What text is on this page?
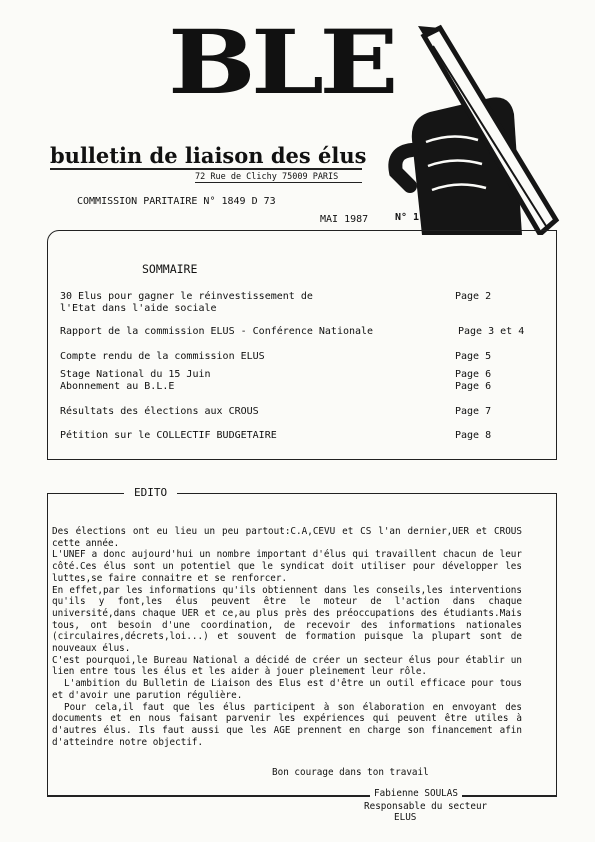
BLE
bulletin de liaison des élus
72 Rue de Clichy 75009 PARIS
COMMISSION PARITAIRE N° 1849 D 73
MAI 1987	N° 1
SOMMAIRE
30 Elus pour gagner le réinvestissement de
l'Etat dans l'aide sociale
Page 2
Rapport de la commission ELUS - Conférence Nationale	Page 3 et 4
Compte rendu de la commission ELUS	Page 5
Stage National du 15 Juin	Page 6
Abonnement au B.L.E	Page 6
Résultats des élections aux CROUS	Page 7
Pétition sur le COLLECTIF BUDGETAIRE	Page 8
EDITO

Des élections ont eu lieu un peu partout:C.A,CEVU et CS l'an dernier,UER et CROUS cette année.

L'UNEF a donc aujourd'hui un nombre important d'élus qui travaillent chacun de leur côté.Ces élus sont un potentiel que le syndicat doit utiliser pour développer les luttes,se faire connaitre et se renforcer.

En effet,par les informations qu'ils obtiennent dans les conseils,les interventions qu'ils y font,les élus peuvent être le moteur de l'action dans chaque université,dans chaque UER et ce,au plus près des préoccupations des étudiants.Mais tous, ont besoin d'une coordination, de recevoir des informations nationales (circulaires,décrets,loi...) et souvent de formation puisque la plupart sont de nouveaux élus.

C'est pourquoi,le Bureau National a décidé de créer un secteur élus pour établir un lien entre tous les élus et les aider à jouer pleinement leur rôle.

L'ambition du Bulletin de Liaison des Elus est d'être un outil efficace pour tous et d'avoir une parution régulière.

Pour cela,il faut que les élus participent à son élaboration en envoyant des documents et en nous faisant parvenir les expériences qui peuvent être utiles à d'autres élus. Ils faut aussi que les AGE prennent en charge son financement afin d'atteindre notre objectif.

Bon courage dans ton travail
Fabienne SOULAS
Responsable du secteur
ELUS
